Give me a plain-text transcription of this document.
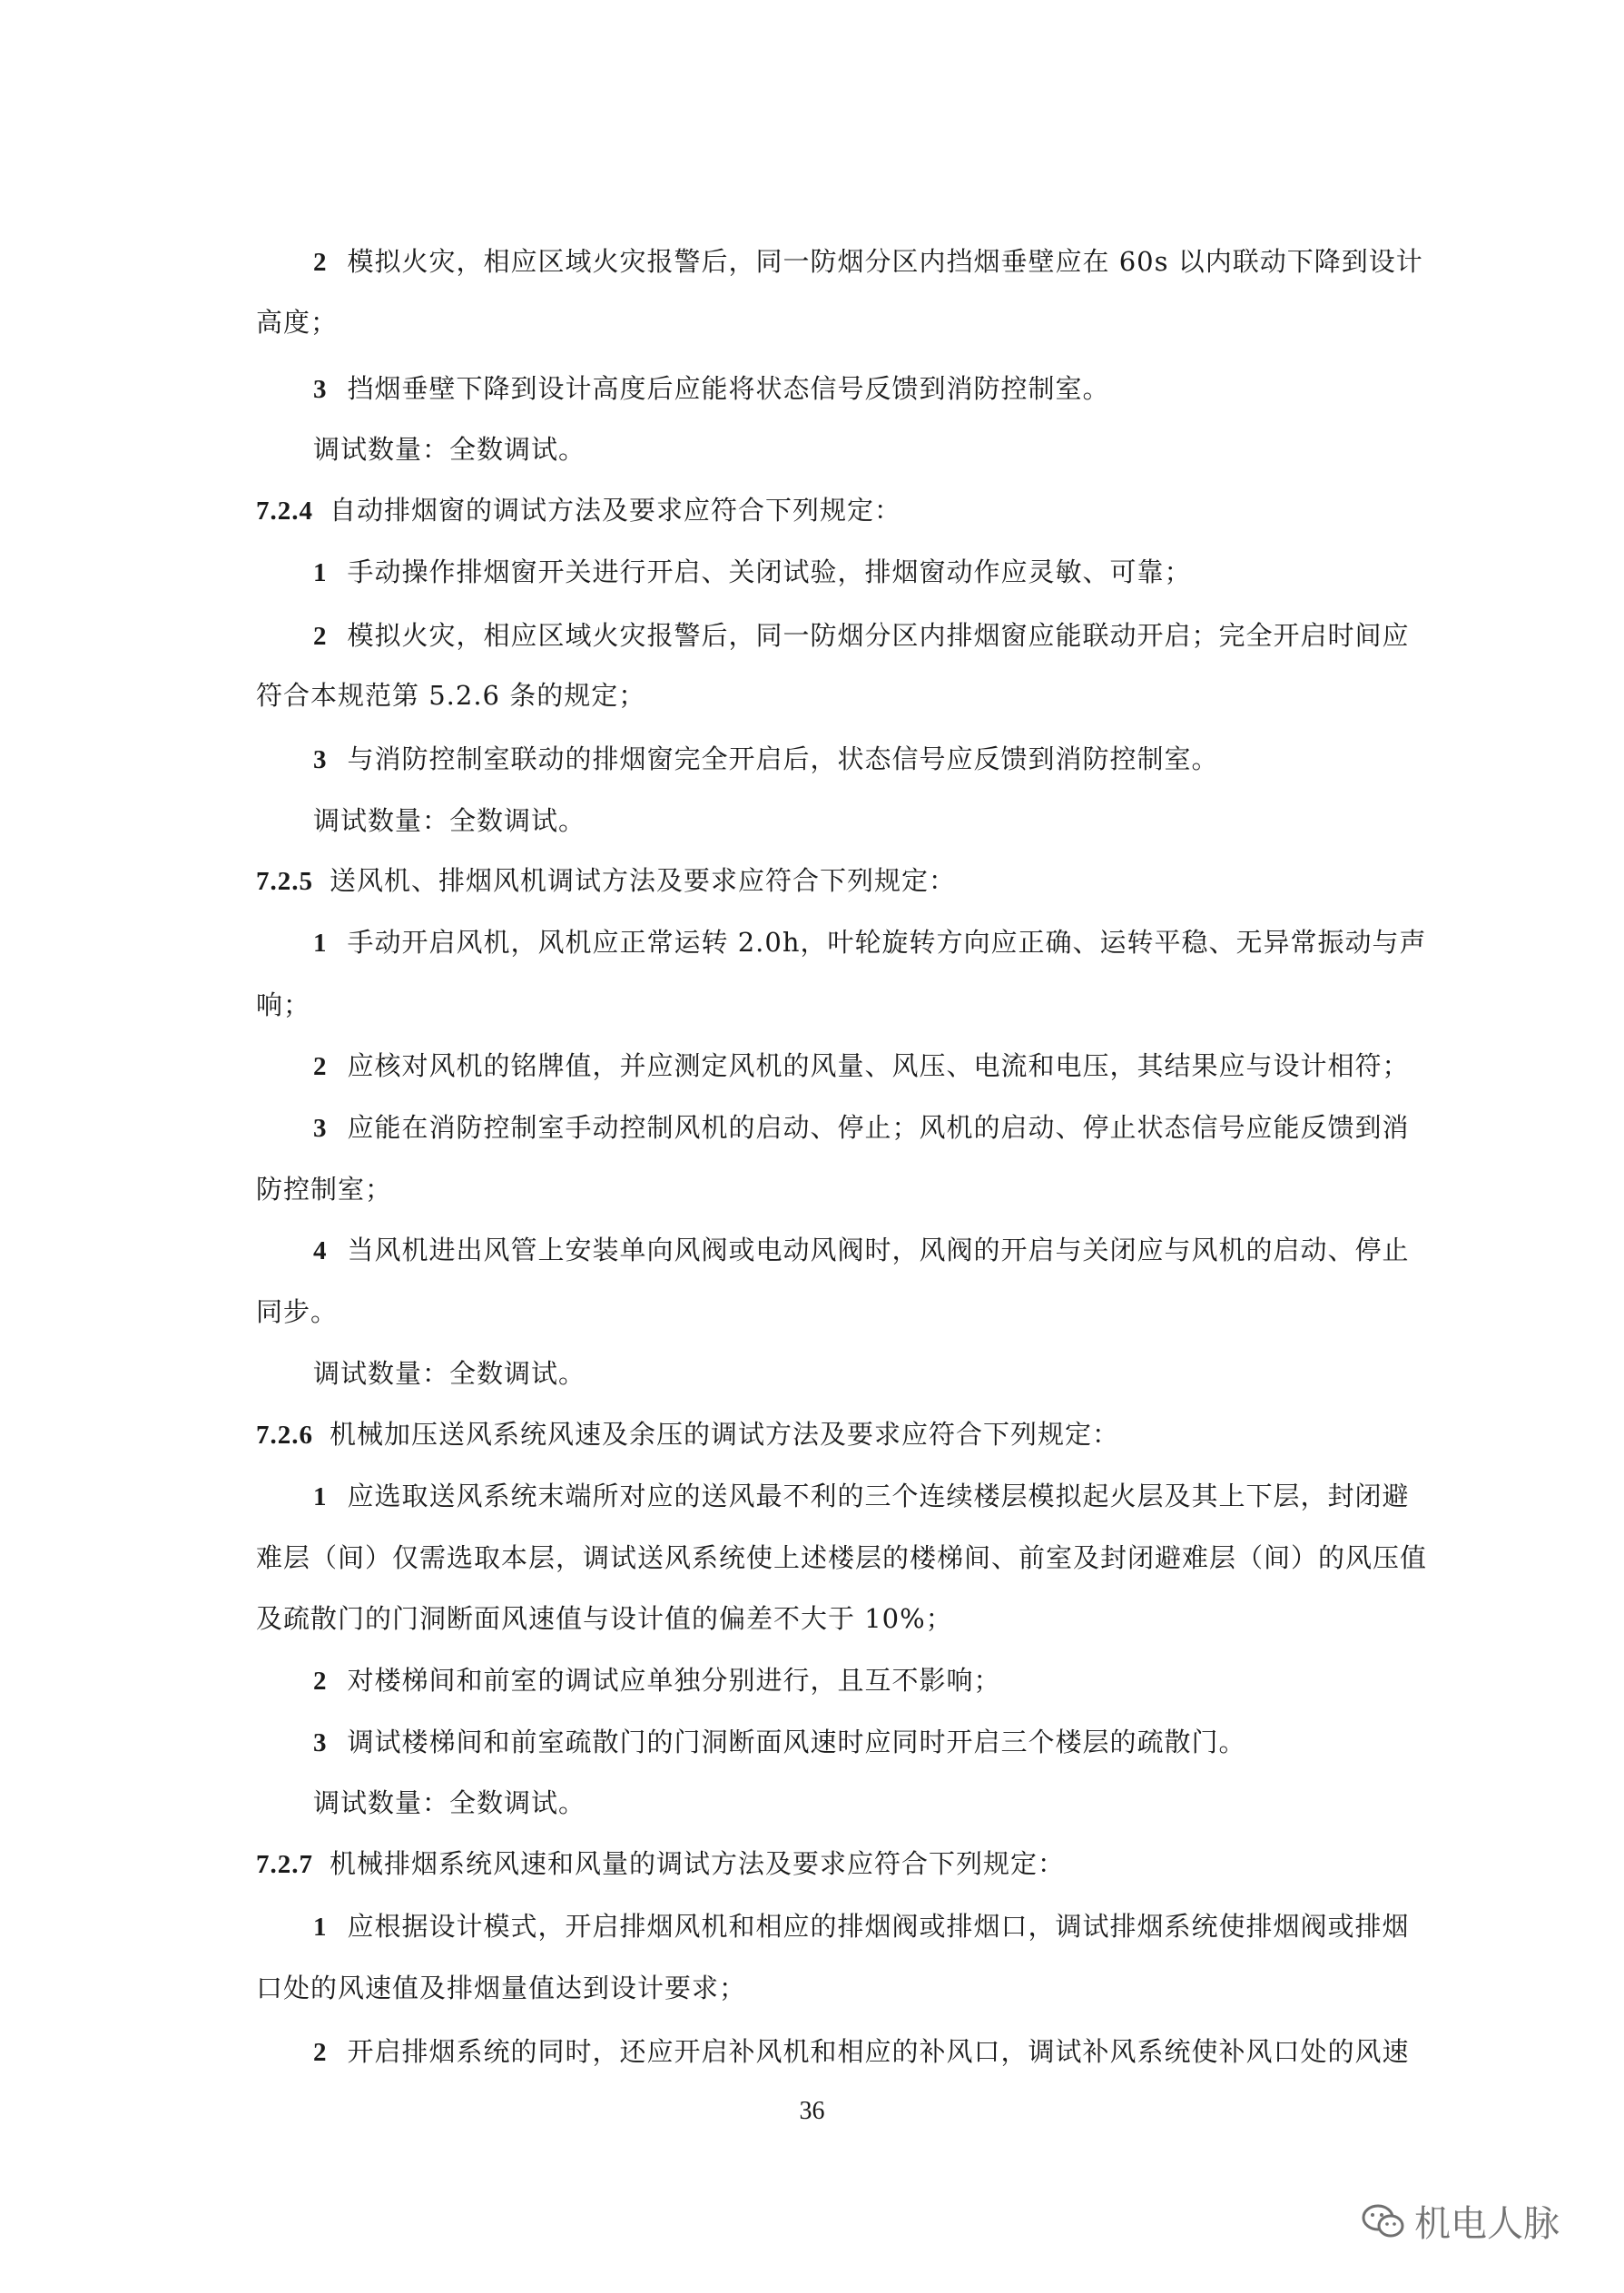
2 模拟火灾，相应区域火灾报警后，同一防烟分区内挡烟垂壁应在 60s 以内联动下降到设计
高度；
3 挡烟垂壁下降到设计高度后应能将状态信号反馈到消防控制室。
调试数量：全数调试。
7.2.4 自动排烟窗的调试方法及要求应符合下列规定：
1 手动操作排烟窗开关进行开启、关闭试验，排烟窗动作应灵敏、可靠；
2 模拟火灾，相应区域火灾报警后，同一防烟分区内排烟窗应能联动开启；完全开启时间应
符合本规范第 5.2.6 条的规定；
3 与消防控制室联动的排烟窗完全开启后，状态信号应反馈到消防控制室。
调试数量：全数调试。
7.2.5 送风机、排烟风机调试方法及要求应符合下列规定：
1 手动开启风机，风机应正常运转 2.0h，叶轮旋转方向应正确、运转平稳、无异常振动与声
响；
2 应核对风机的铭牌值，并应测定风机的风量、风压、电流和电压，其结果应与设计相符；
3 应能在消防控制室手动控制风机的启动、停止；风机的启动、停止状态信号应能反馈到消
防控制室；
4 当风机进出风管上安装单向风阀或电动风阀时，风阀的开启与关闭应与风机的启动、停止
同步。
调试数量：全数调试。
7.2.6 机械加压送风系统风速及余压的调试方法及要求应符合下列规定：
1 应选取送风系统末端所对应的送风最不利的三个连续楼层模拟起火层及其上下层，封闭避
难层（间）仅需选取本层，调试送风系统使上述楼层的楼梯间、前室及封闭避难层（间）的风压值
及疏散门的门洞断面风速值与设计值的偏差不大于 10%；
2 对楼梯间和前室的调试应单独分别进行，且互不影响；
3 调试楼梯间和前室疏散门的门洞断面风速时应同时开启三个楼层的疏散门。
调试数量：全数调试。
7.2.7 机械排烟系统风速和风量的调试方法及要求应符合下列规定：
1 应根据设计模式，开启排烟风机和相应的排烟阀或排烟口，调试排烟系统使排烟阀或排烟
口处的风速值及排烟量值达到设计要求；
2 开启排烟系统的同时，还应开启补风机和相应的补风口，调试补风系统使补风口处的风速
36
机电人脉
